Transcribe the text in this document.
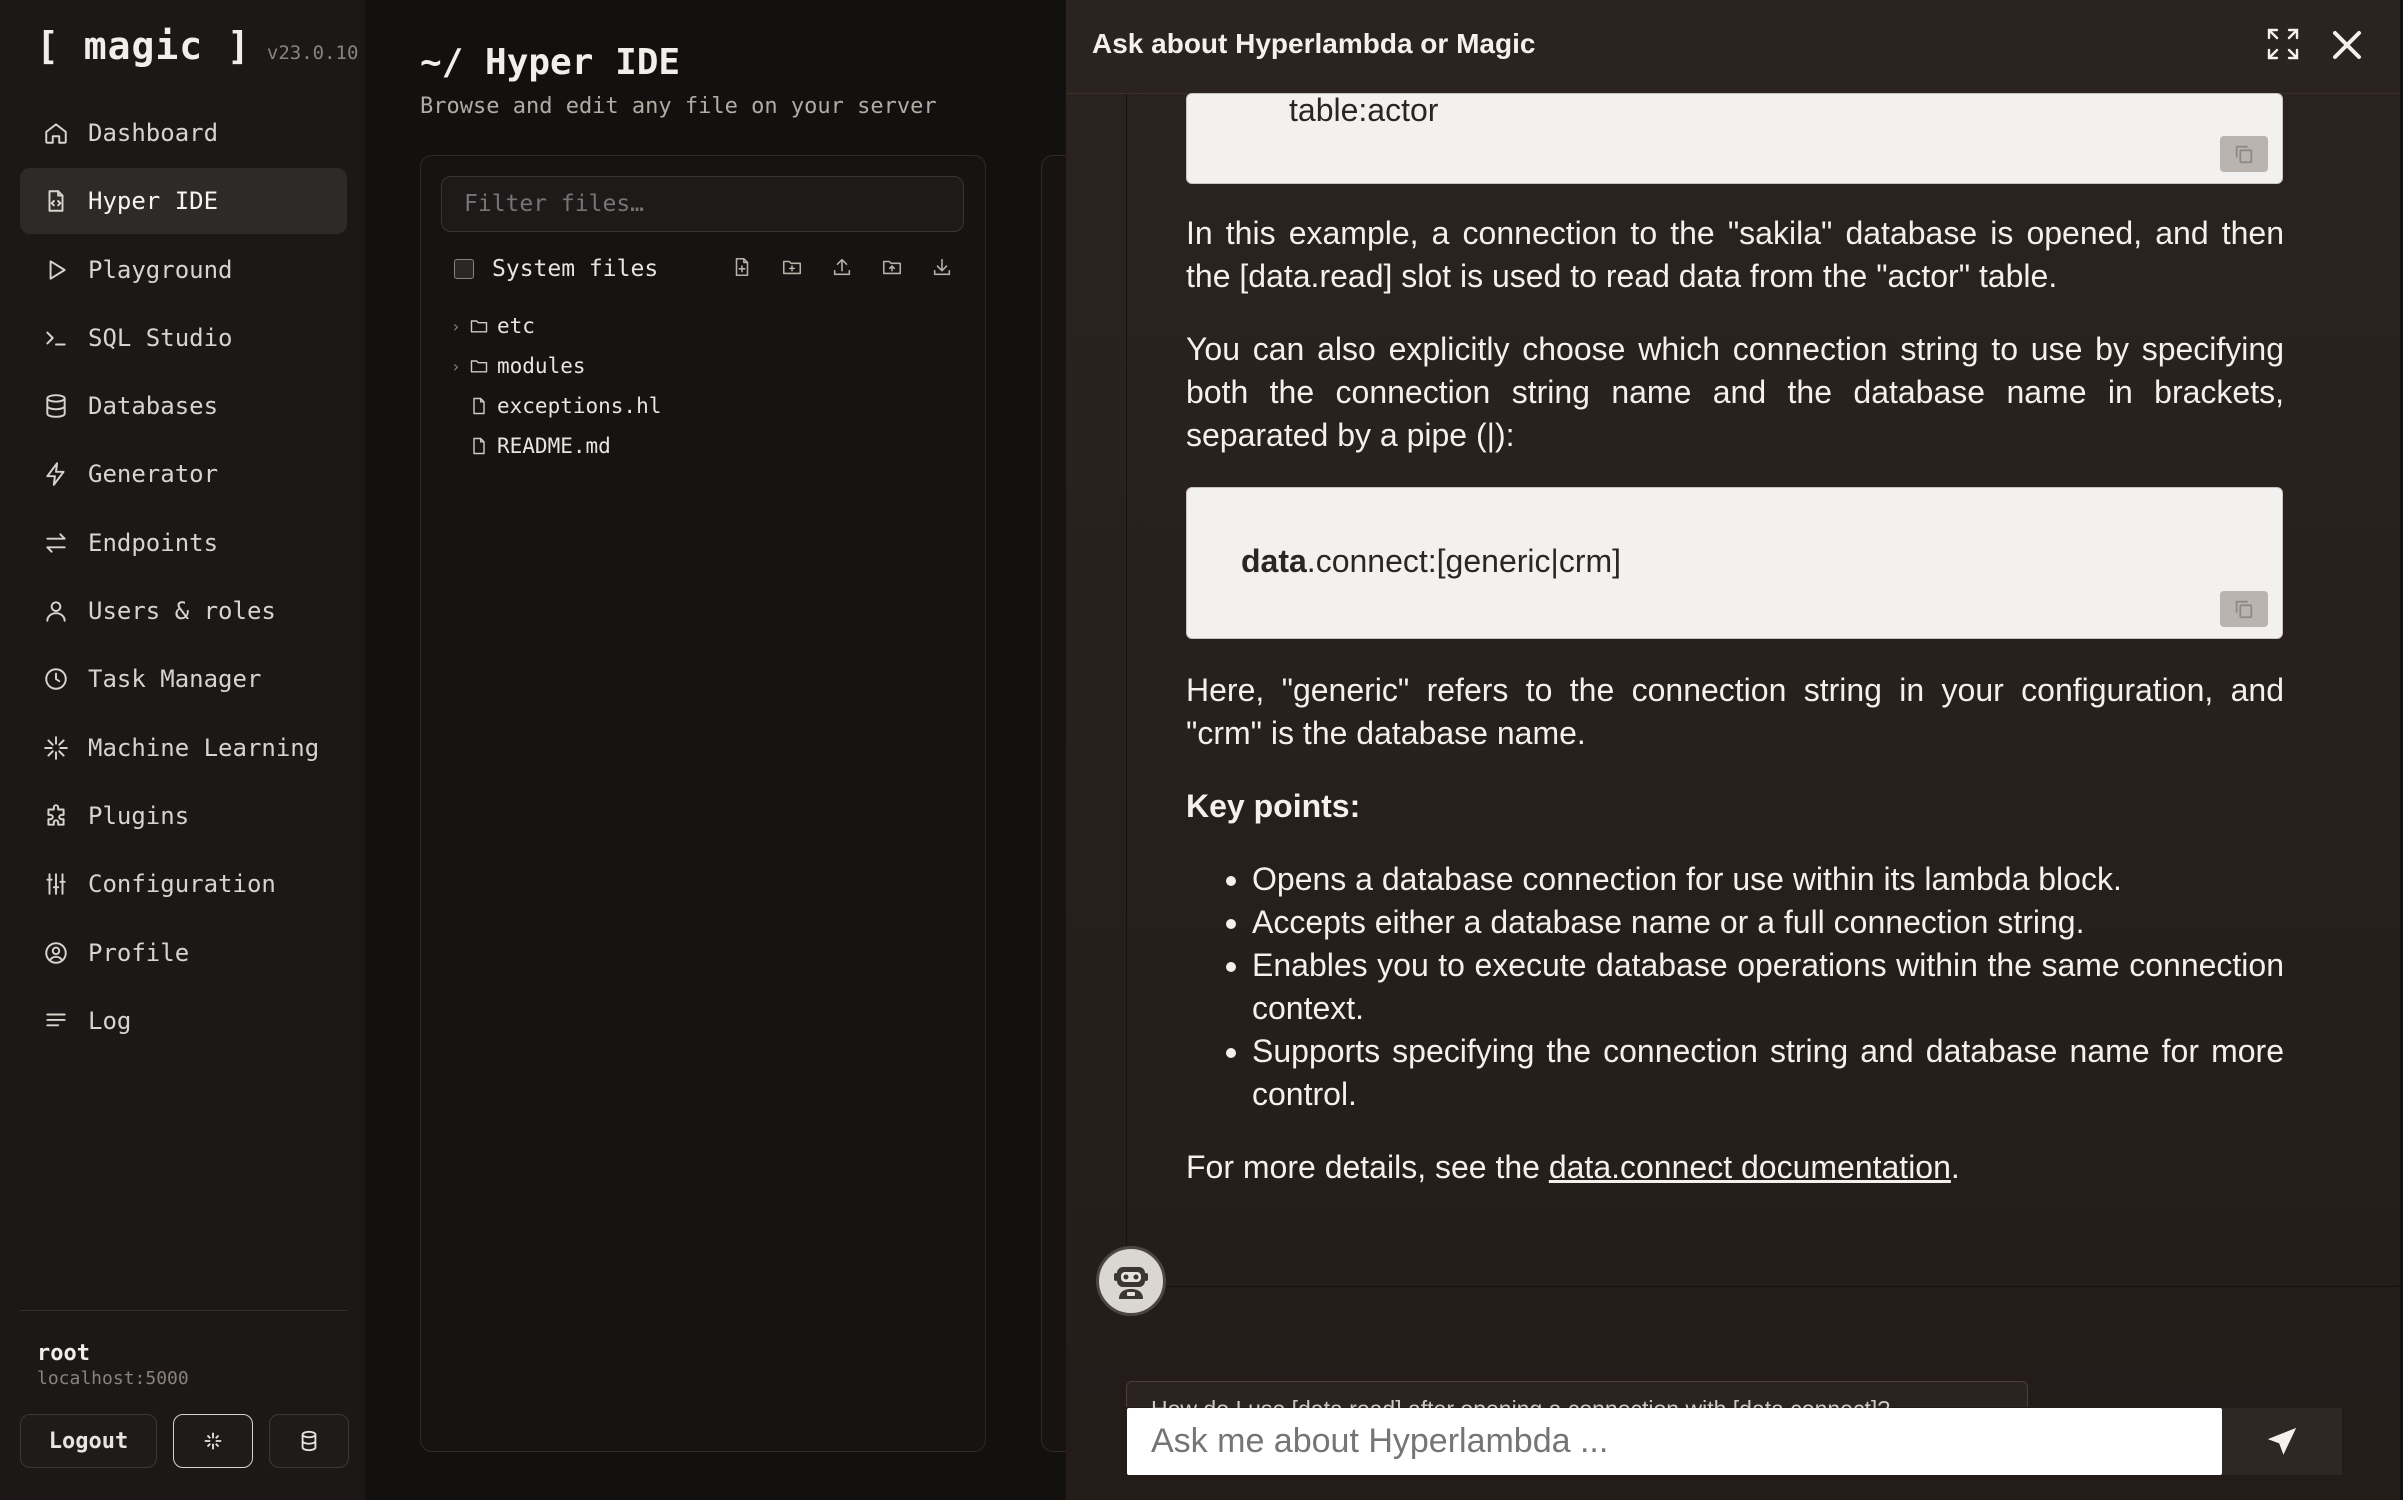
[ magic ] v23.0.10
Dashboard
Hyper IDE
Playground
SQL Studio
Databases
Generator
Endpoints
Users & roles
Task Manager
Machine Learning
Plugins
Configuration
Profile
Log
root
localhost:5000
Logout
~/ Hyper IDE
Browse and edit any file on your server
Filter files…
System files
›	etc
›	modules
exceptions.hl
README.md
Ask about Hyperlambda or Magic
table:actor

In this example, a connection to the "sakila" database is opened, and then the [data.read] slot is used to read data from the "actor" table.

You can also explicitly choose which connection string to use by specifying both the connection string name and the database name in brackets, separated by a pipe (|):

data.connect:[generic|crm]

Here, "generic" refers to the connection string in your configuration, and "crm" is the database name.

Key points:

• Opens a database connection for use within its lambda block.
• Accepts either a database name or a full connection string.
• Enables you to execute database operations within the same connection context.
• Supports specifying the connection string and database name for more control.

For more details, see the data.connect documentation.

Ask me about Hyperlambda ...
